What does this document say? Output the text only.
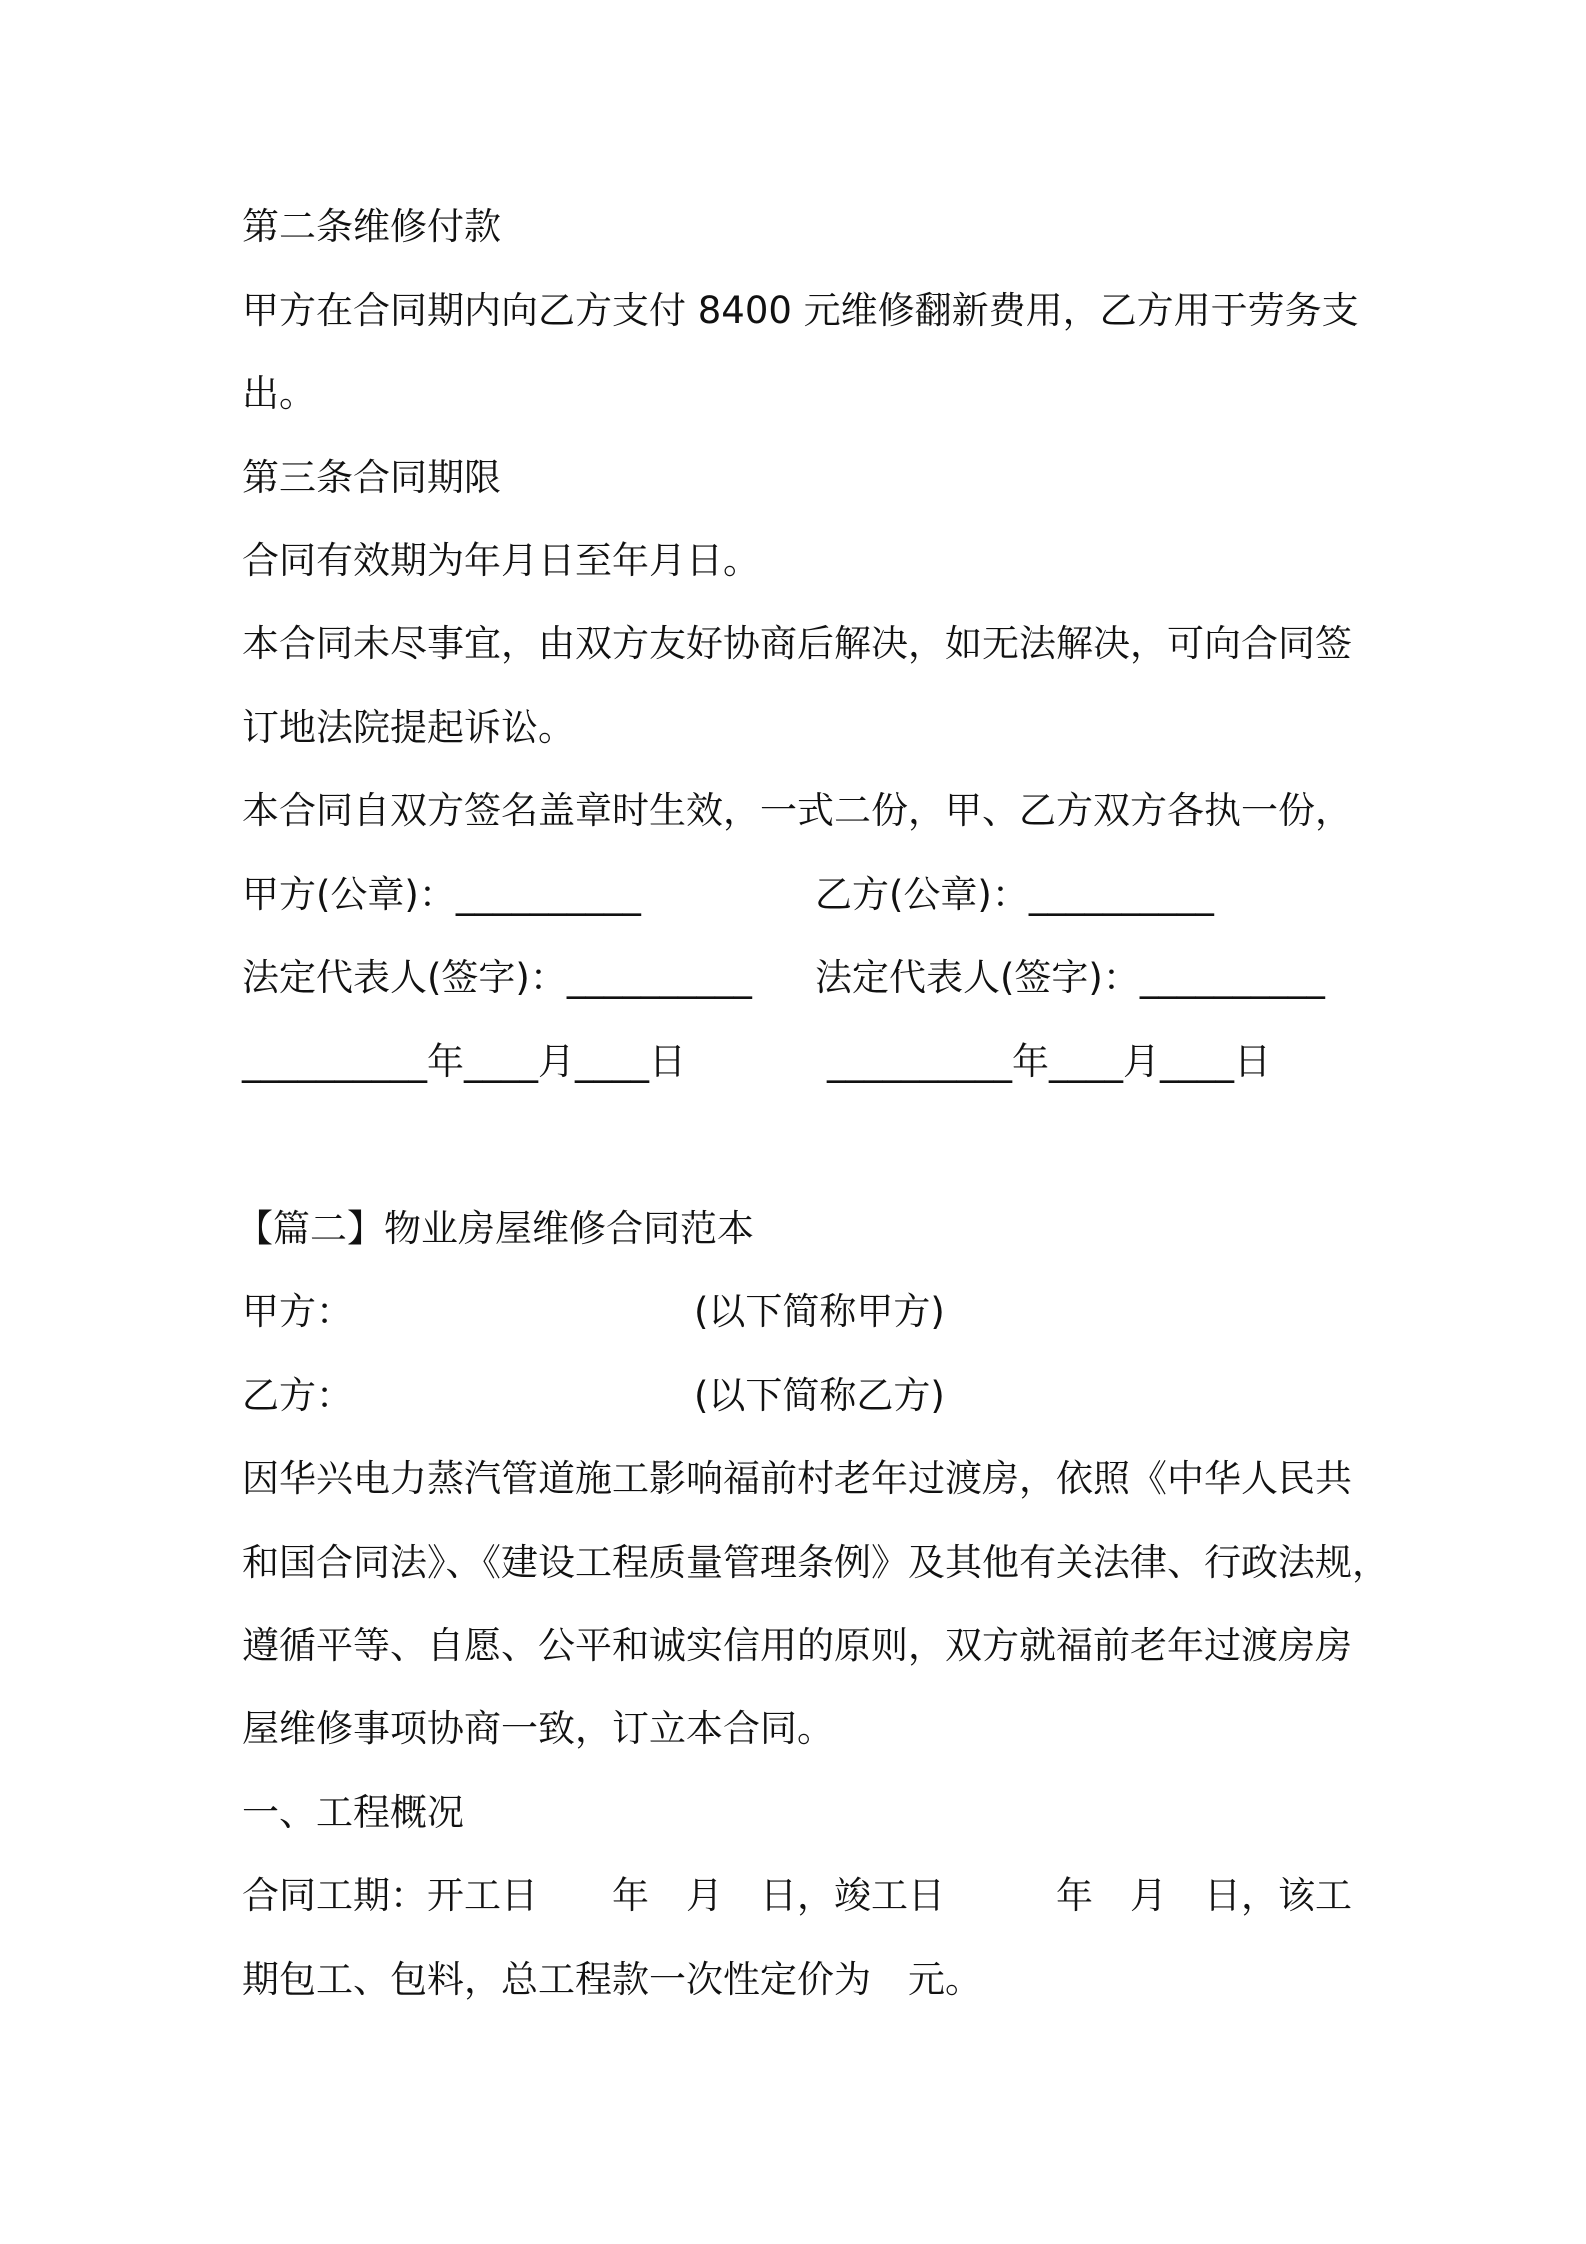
第二条维修付款

甲方在合同期内向乙方支付 8400 元维修翻新费用，乙方用于劳务支

出。

第三条合同期限

合同有效期为年月日至年月日。

本合同未尽事宜，由双方友好协商后解决，如无法解决，可向合同签

订地法院提起诉讼。

本合同自双方签名盖章时生效，一式二份，甲、乙方双方各执一份，

甲方(公章)：__________	乙方(公章)：__________

法定代表人(签字)：__________ 法定代表人(签字)：__________

__________年____月____日	__________年____月____日

【篇二】物业房屋维修合同范本

甲方：	(以下简称甲方)

乙方：	(以下简称乙方)

因华兴电力蒸汽管道施工影响福前村老年过渡房，依照《中华人民共

和国合同法》、《建设工程质量管理条例》及其他有关法律、行政法规，

遵循平等、自愿、公平和诚实信用的原则，双方就福前老年过渡房房

屋维修事项协商一致，订立本合同。

一、工程概况

合同工期：开工日　　年　月　日，竣工日　　　年　月　日，该工

期包工、包料，总工程款一次性定价为　元。
